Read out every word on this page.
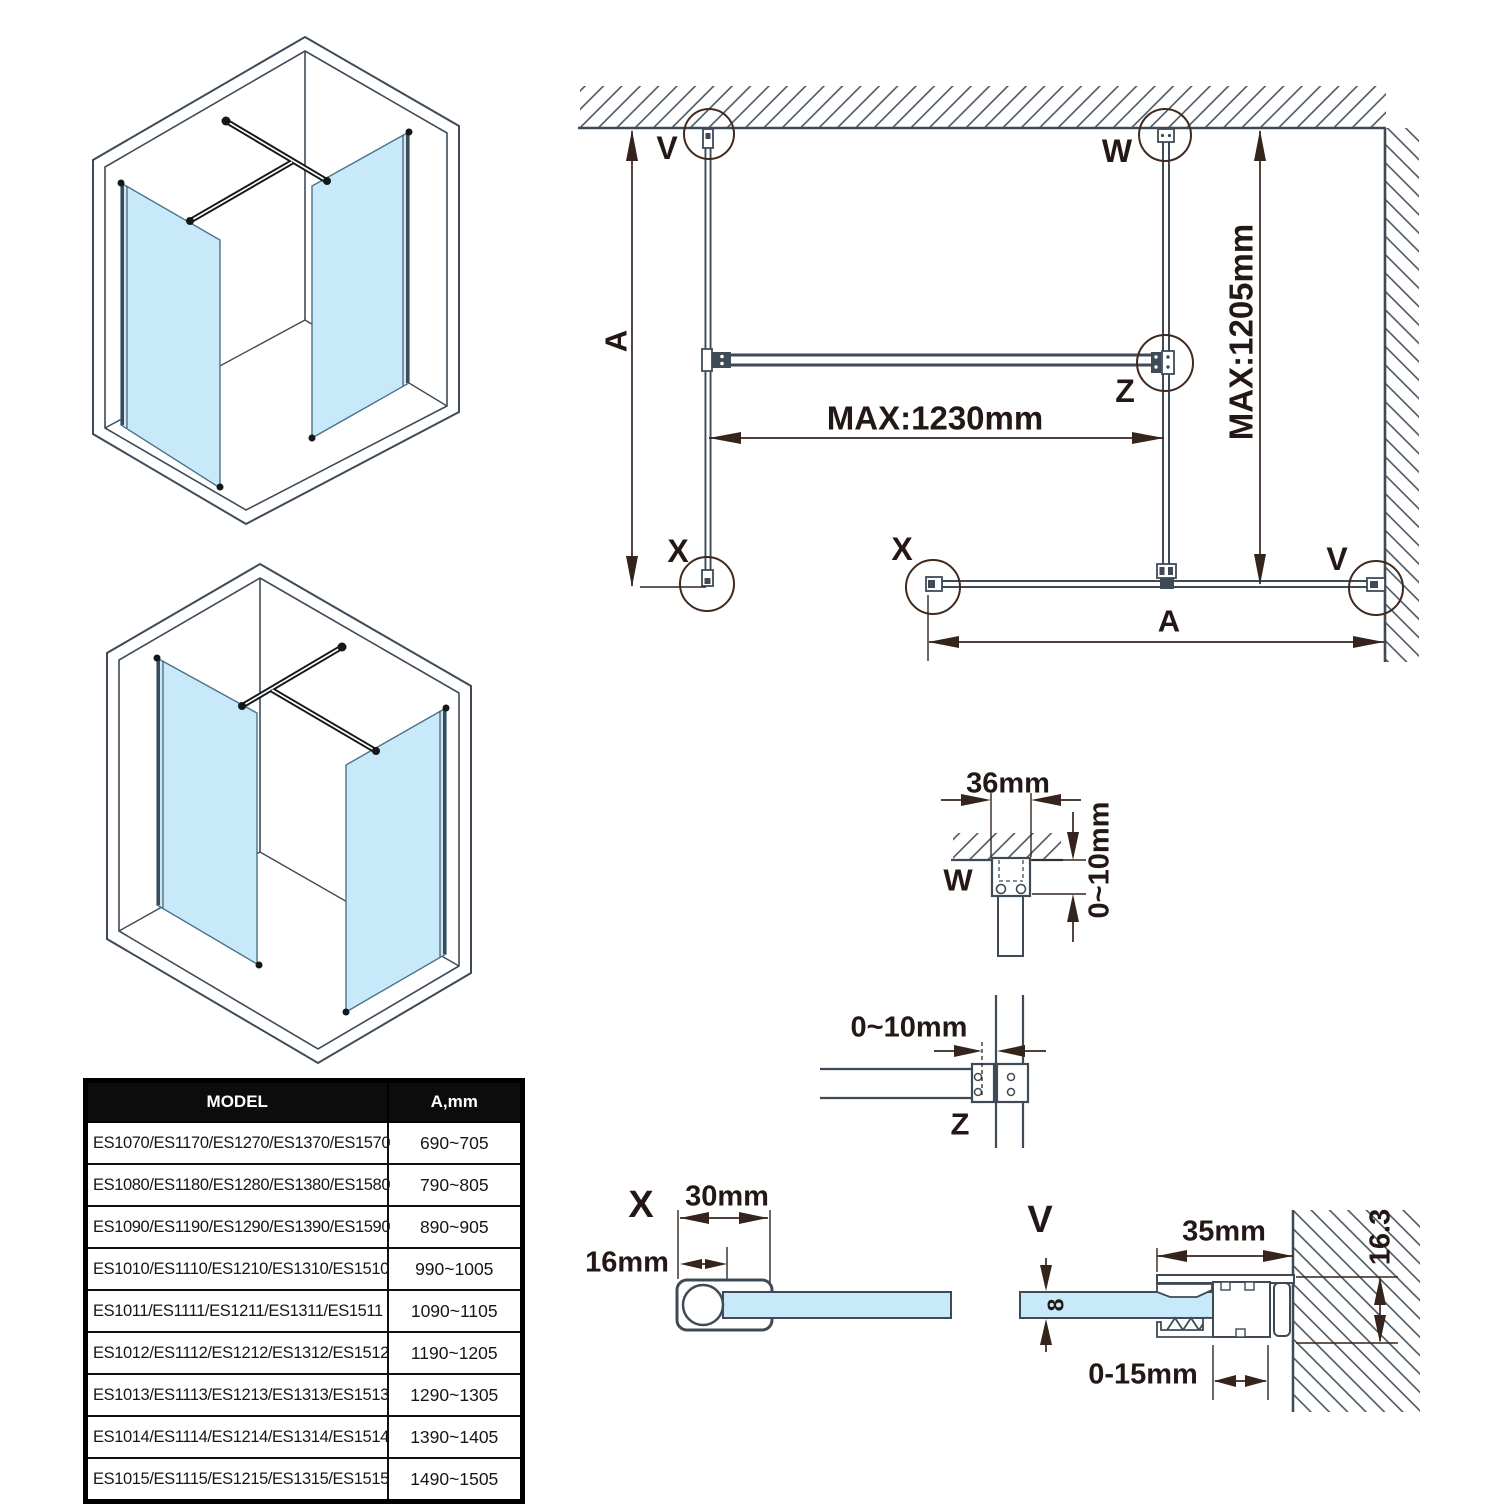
V	W
Z
X	X	V
A
A
MAX:1230mm	MAX:1205mm
36mm
W	0~10mm
0~10mm
Z
X 30mm
16mm
V	35mm	16.3
8
0-15mm
MODEL	A,mm
ES1070/ES1170/ES1270/ES1370/ES1570	690~705
ES1080/ES1180/ES1280/ES1380/ES1580	790~805
ES1090/ES1190/ES1290/ES1390/ES1590	890~905
ES1010/ES1110/ES1210/ES1310/ES1510	990~1005
ES1011/ES1111/ES1211/ES1311/ES1511	1090~1105
ES1012/ES1112/ES1212/ES1312/ES1512	1190~1205
ES1013/ES1113/ES1213/ES1313/ES1513	1290~1305
ES1014/ES1114/ES1214/ES1314/ES1514	1390~1405
ES1015/ES1115/ES1215/ES1315/ES1515	1490~1505
